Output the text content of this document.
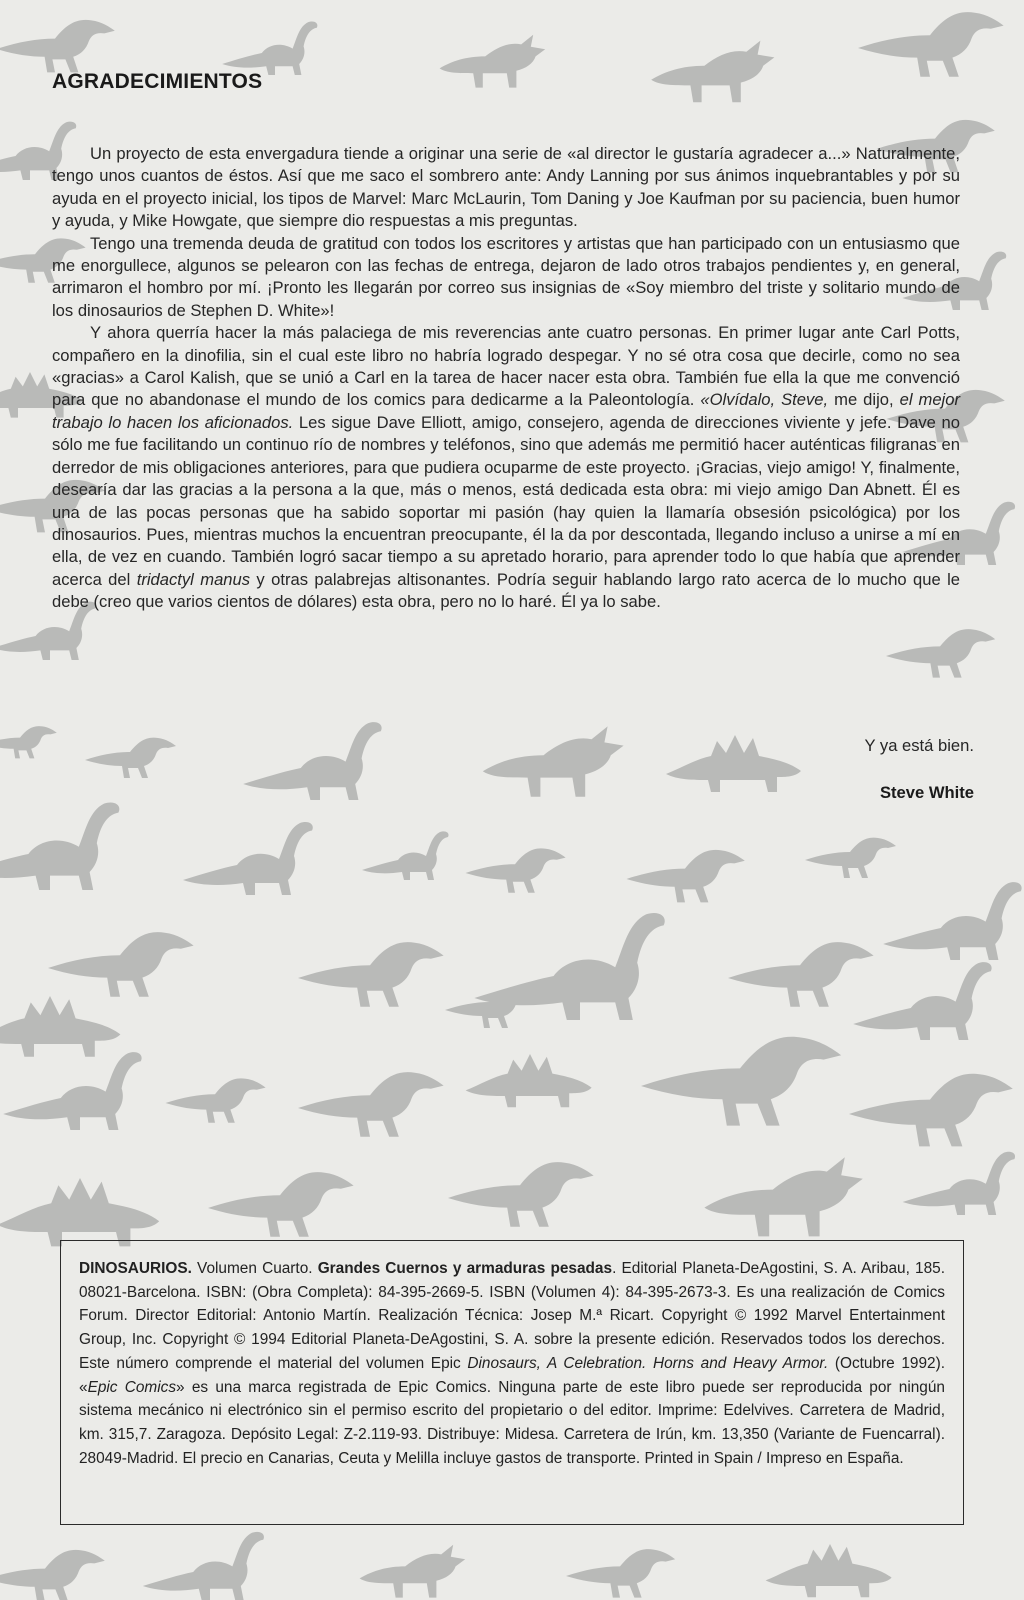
AGRADECIMIENTOS

Un proyecto de esta envergadura tiende a originar una serie de «al director le gustaría agradecer a...» Naturalmente, tengo unos cuantos de éstos. Así que me saco el sombrero ante: Andy Lanning por sus ánimos inquebrantables y por su ayuda en el proyecto inicial, los tipos de Marvel: Marc McLaurin, Tom Daning y Joe Kaufman por su paciencia, buen humor y ayuda, y Mike Howgate, que siempre dio respuestas a mis preguntas.

Tengo una tremenda deuda de gratitud con todos los escritores y artistas que han participado con un entusiasmo que me enorgullece, algunos se pelearon con las fechas de entrega, dejaron de lado otros trabajos pendientes y, en general, arrimaron el hombro por mí. ¡Pronto les llegarán por correo sus insignias de «Soy miembro del triste y solitario mundo de los dinosaurios de Stephen D. White»!

Y ahora querría hacer la más palaciega de mis reverencias ante cuatro personas. En primer lugar ante Carl Potts, compañero en la dinofilia, sin el cual este libro no habría logrado despegar. Y no sé otra cosa que decirle, como no sea «gracias» a Carol Kalish, que se unió a Carl en la tarea de hacer nacer esta obra. También fue ella la que me convenció para que no abandonase el mundo de los comics para dedicarme a la Paleontología. «Olvídalo, Steve, me dijo, el mejor trabajo lo hacen los aficionados. Les sigue Dave Elliott, amigo, consejero, agenda de direcciones viviente y jefe. Dave no sólo me fue facilitando un continuo río de nombres y teléfonos, sino que además me permitió hacer auténticas filigranas en derredor de mis obligaciones anteriores, para que pudiera ocuparme de este proyecto. ¡Gracias, viejo amigo! Y, finalmente, desearía dar las gracias a la persona a la que, más o menos, está dedicada esta obra: mi viejo amigo Dan Abnett. Él es una de las pocas personas que ha sabido soportar mi pasión (hay quien la llamaría obsesión psicológica) por los dinosaurios. Pues, mientras muchos la encuentran preocupante, él la da por descontada, llegando incluso a unirse a mí en ella, de vez en cuando. También logró sacar tiempo a su apretado horario, para aprender todo lo que había que aprender acerca del tridactyl manus y otras palabrejas altisonantes. Podría seguir hablando largo rato acerca de lo mucho que le debe (creo que varios cientos de dólares) esta obra, pero no lo haré. Él ya lo sabe.

Y ya está bien.
Steve White

DINOSAURIOS. Volumen Cuarto. Grandes Cuernos y armaduras pesadas. Editorial Planeta-DeAgostini, S. A. Aribau, 185. 08021-Barcelona. ISBN: (Obra Completa): 84-395-2669-5. ISBN (Volumen 4): 84-395-2673-3. Es una realización de Comics Forum. Director Editorial: Antonio Martín. Realización Técnica: Josep M.ª Ricart. Copyright © 1992 Marvel Entertainment Group, Inc. Copyright © 1994 Editorial Planeta-DeAgostini, S. A. sobre la presente edición. Reservados todos los derechos. Este número comprende el material del volumen Epic Dinosaurs, A Celebration. Horns and Heavy Armor. (Octubre 1992). «Epic Comics» es una marca registrada de Epic Comics. Ninguna parte de este libro puede ser reproducida por ningún sistema mecánico ni electrónico sin el permiso escrito del propietario o del editor. Imprime: Edelvives. Carretera de Madrid, km. 315,7. Zaragoza. Depósito Legal: Z-2.119-93. Distribuye: Midesa. Carretera de Irún, km. 13,350 (Variante de Fuencarral). 28049-Madrid. El precio en Canarias, Ceuta y Melilla incluye gastos de transporte. Printed in Spain / Impreso en España.
